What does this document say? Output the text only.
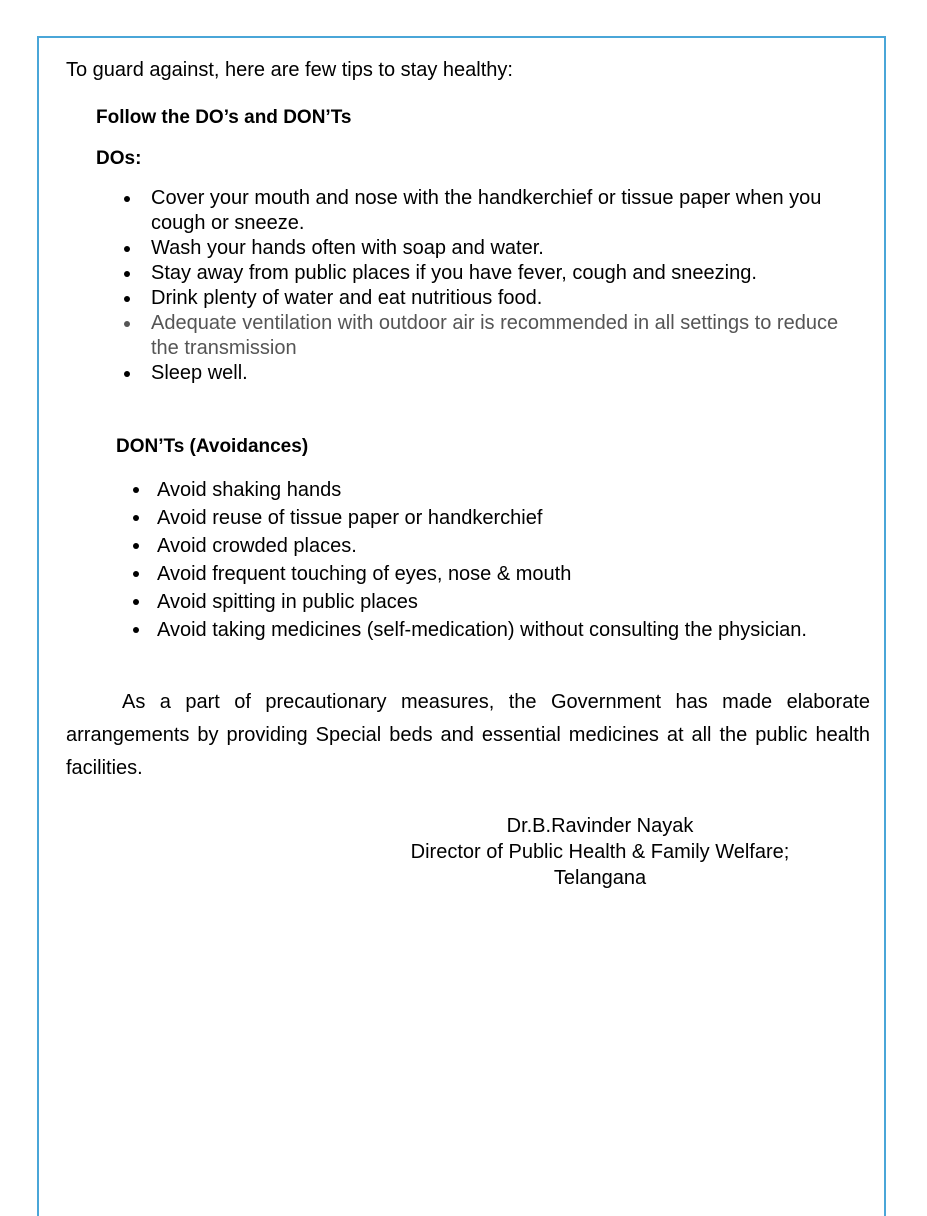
To guard against, here are few tips to stay healthy:

Follow the DO’s and DON’Ts

DOs:

Cover your mouth and nose with the handkerchief or tissue paper when you cough or sneeze.
Wash your hands often with soap and water.
Stay away from public places if you have fever, cough and sneezing.
Drink plenty of water and eat nutritious food.
Adequate ventilation with outdoor air is recommended in all settings to reduce the transmission
Sleep well.

DON’Ts (Avoidances)

Avoid shaking hands
Avoid reuse of tissue paper or handkerchief
Avoid crowded places.
Avoid frequent touching of eyes, nose & mouth
Avoid spitting in public places
Avoid taking medicines (self-medication) without consulting the physician.

As a part of precautionary measures, the Government has made elaborate arrangements by providing Special beds and essential medicines at all the public health facilities.

Dr.B.Ravinder Nayak
Director of Public Health & Family Welfare;
Telangana
